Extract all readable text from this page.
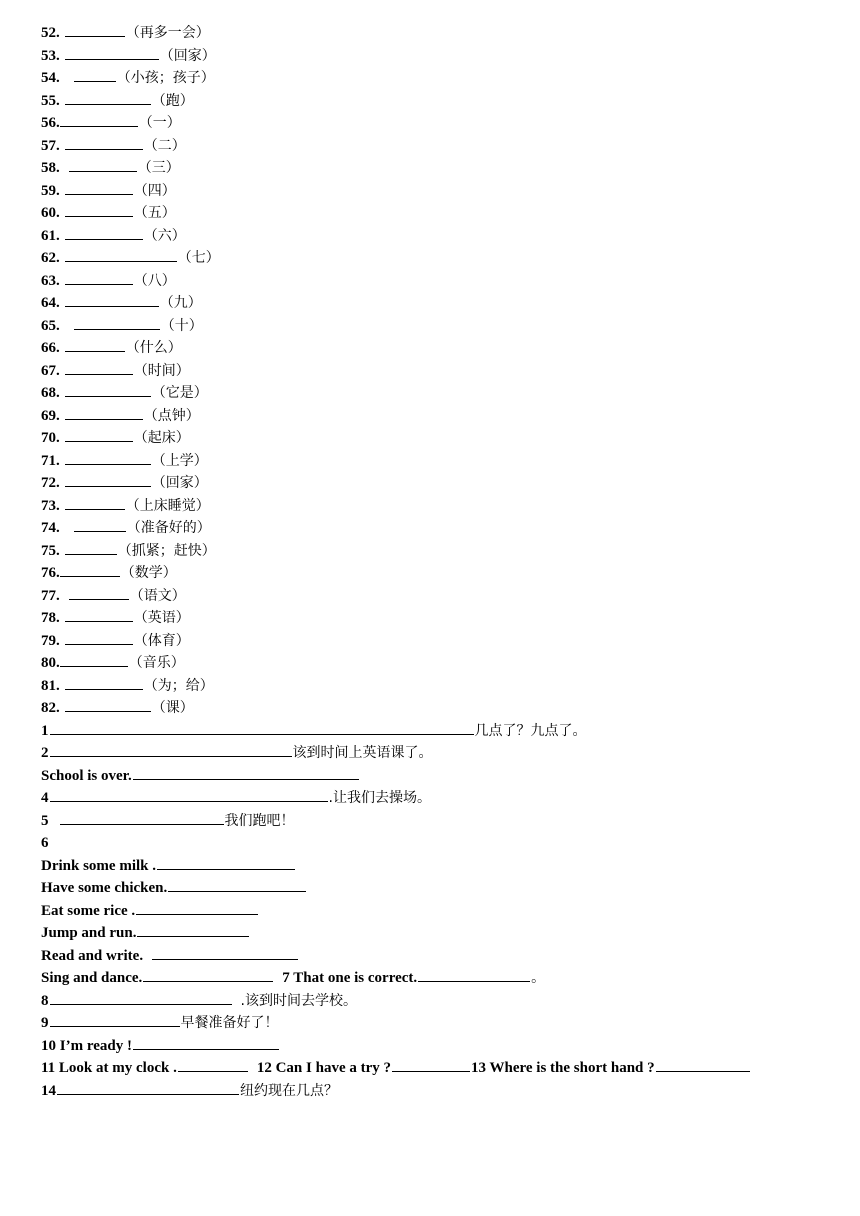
52.	（再多一会）
53.	（回家）
54.	（小孩；孩子）
55.	（跑）
56.	（一）
57.	（二）
58.	（三）
59.	（四）
60.	（五）
61.	（六）
62.	（七）
63.	（八）
64.	（九）
65.	（十）
66.	（什么）
67.	（时间）
68.	（它是）
69.	（点钟）
70.	（起床）
71.	（上学）
72.	（回家）
73.	（上床睡觉）
74.	（准备好的）
75.	（抓紧；赶快）
76.	（数学）
77.	（语文）
78.	（英语）
79.	（体育）
80.	（音乐）
81.	（为；给）
82.	（课）
1	几点了？九点了。
2	该到时间上英语课了。
School is over.
4	.让我们去操场。
5	我们跑吧！
6
Drink some milk .
Have some chicken.
Eat some rice .
Jump and run.
Read and write.
Sing and dance.	7 That one is correct.	。
8	.该到时间去学校。
9	早餐准备好了！
10 I’m ready !
11 Look at my clock .	12 Can I have a try ?	13 Where is the short hand ?
14	纽约现在几点？
